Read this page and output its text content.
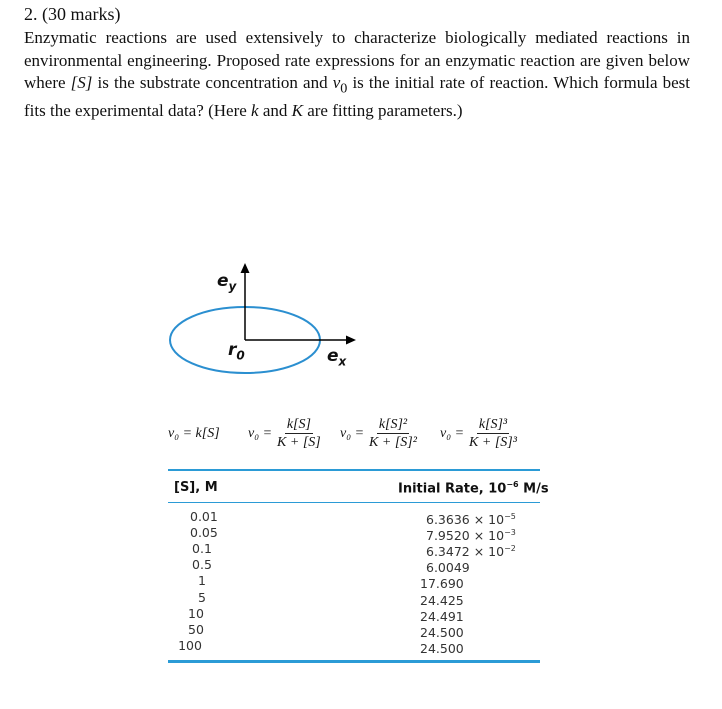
2. (30 marks)
Enzymatic reactions are used extensively to characterize biologically mediated reactions in environmental engineering. Proposed rate expressions for an enzymatic reaction are given below where [S] is the substrate concentration and $v_0$ is the initial rate of reaction. Which formula best fits the experimental data? (Here k and K are fitting parameters.)
$e_y$
$r_0$	$e_x$
v₀ =
k[S] $v_0 = \frac{k[S]}{K + [S]} v_0 = \frac{\text{k[S]²}}{\text{K + [S]²}} v_0 = \frac{\text{k[S]³}}{\text{K + [S]³}}$
[S], M	Initial Rate, $10^{-6}$ M/s
0.01
0.05
0.1
0.5
1
5
10
50
100
$6.3636 \times 10^{-5}$
$7.9520 \times 10^{-3}$
$6.3472 \times 10^{-2}$
6.0049
17.690
24.425
24.491
24.500
24.500
